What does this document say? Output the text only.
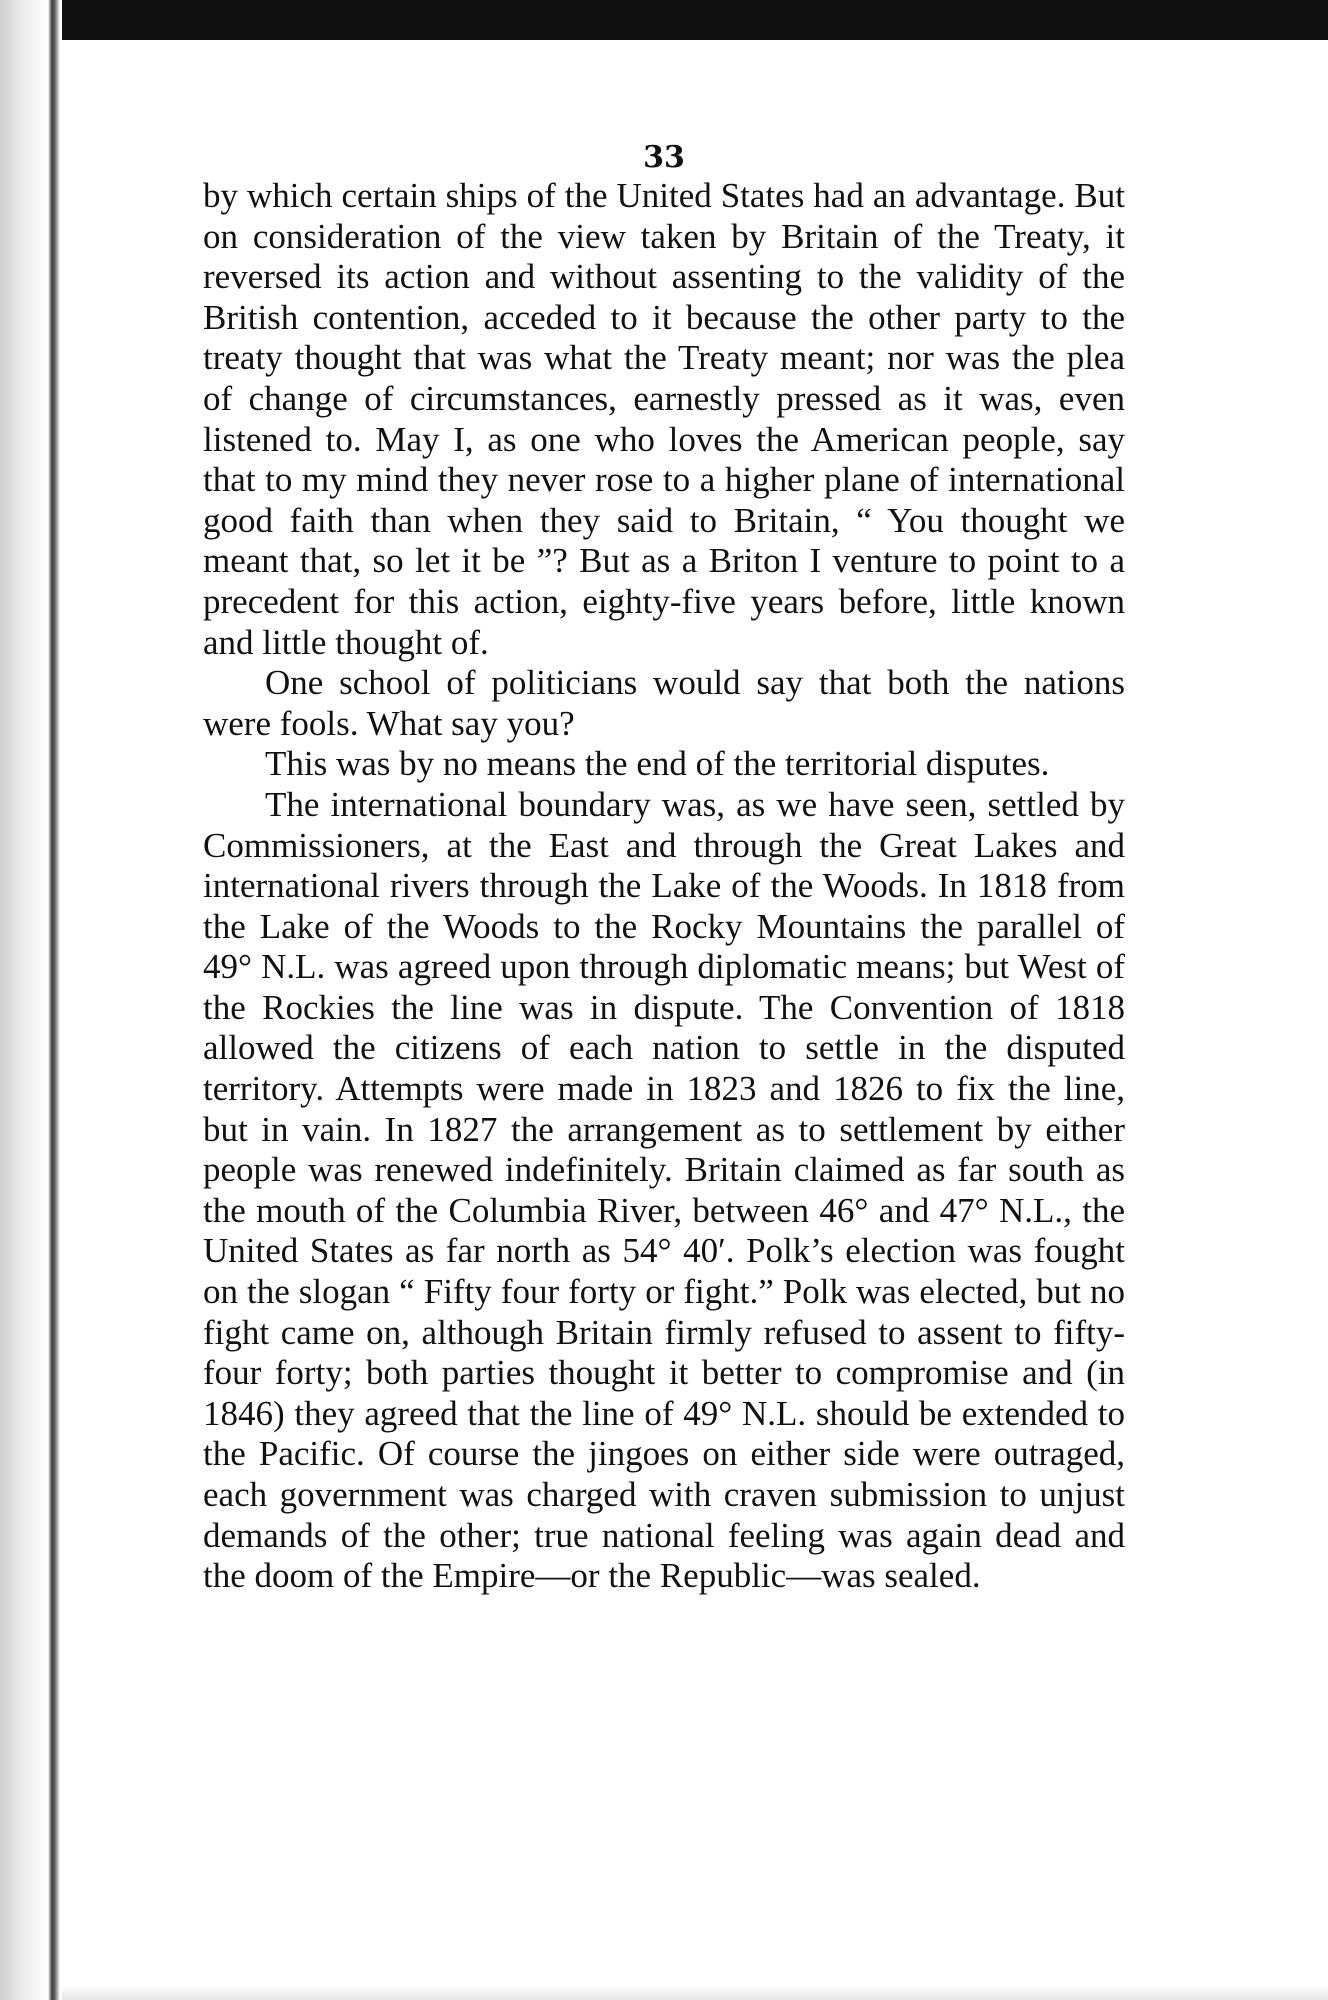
33

by which certain ships of the United States had an advantage. But on consideration of the view taken by Britain of the Treaty, it reversed its action and without assenting to the validity of the British contention, acceded to it because the other party to the treaty thought that was what the Treaty meant; nor was the plea of change of circumstances, earnestly pressed as it was, even listened to. May I, as one who loves the American people, say that to my mind they never rose to a higher plane of international good faith than when they said to Britain, “ You thought we meant that, so let it be ”? But as a Briton I venture to point to a precedent for this action, eighty-five years before, little known and little thought of.

One school of politicians would say that both the nations were fools. What say you?

This was by no means the end of the territorial disputes.

The international boundary was, as we have seen, settled by Commissioners, at the East and through the Great Lakes and international rivers through the Lake of the Woods. In 1818 from the Lake of the Woods to the Rocky Mountains the parallel of 49° N.L. was agreed upon through diplomatic means; but West of the Rockies the line was in dispute. The Convention of 1818 allowed the citizens of each nation to settle in the disputed territory. Attempts were made in 1823 and 1826 to fix the line, but in vain. In 1827 the arrangement as to settlement by either people was renewed indefinitely. Britain claimed as far south as the mouth of the Columbia River, between 46° and 47° N.L., the United States as far north as 54° 40′. Polk’s election was fought on the slogan “ Fifty four forty or fight.” Polk was elected, but no fight came on, although Britain firmly refused to assent to fifty-four forty; both parties thought it better to compromise and (in 1846) they agreed that the line of 49° N.L. should be extended to the Pacific. Of course the jingoes on either side were outraged, each government was charged with craven submission to unjust demands of the other; true national feeling was again dead and the doom of the Empire—or the Republic—was sealed.
